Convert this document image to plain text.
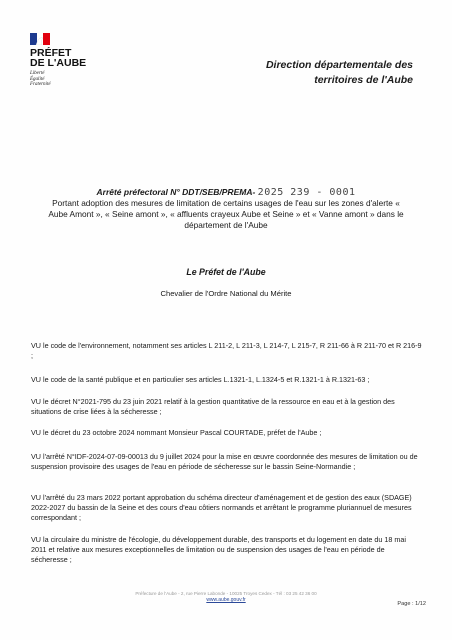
PRÉFET
DE L'AUBE
Liberté
Égalité
Fraternité
Direction départementale des
territoires de l'Aube
Arrêté préfectoral N° DDT/SEB/PREMA- 2025 239 - 0001
Portant adoption des mesures de limitation de certains usages de l'eau sur les zones d'alerte « Aube Amont », « Seine amont », « affluents crayeux Aube et Seine » et « Vanne amont » dans le département de l'Aube
Le Préfet de l'Aube
Chevalier de l'Ordre National du Mérite
VU le code de l'environnement, notamment ses articles L 211-2, L 211-3, L 214-7, L 215-7, R 211-66 à R 211-70 et R 216-9 ;
VU le code de la santé publique et en particulier ses articles L.1321-1, L.1324-5 et R.1321-1 à R.1321-63 ;
VU le décret N°2021-795 du 23 juin 2021 relatif à la gestion quantitative de la ressource en eau et à la gestion des situations de crise liées à la sécheresse ;
VU le décret du 23 octobre 2024 nommant Monsieur Pascal COURTADE, préfet de l'Aube ;
VU l'arrêté N°IDF-2024-07-09-00013 du 9 juillet 2024 pour la mise en œuvre coordonnée des mesures de limitation ou de suspension provisoire des usages de l'eau en période de sécheresse sur le bassin Seine-Normandie ;
VU l'arrêté du 23 mars 2022 portant approbation du schéma directeur d'aménagement et de gestion des eaux (SDAGE) 2022-2027 du bassin de la Seine et des cours d'eau côtiers normands et arrêtant le programme pluriannuel de mesures correspondant ;
VU la circulaire du ministre de l'écologie, du développement durable, des transports et du logement en date du 18 mai 2011 et relative aux mesures exceptionnelles de limitation ou de suspension des usages de l'eau en période de sécheresse ;
Préfecture de l'Aube - 2, rue Pierre Labonde - 10025 Troyes Cedex - Tél : 03 25 42 36 00
www.aube.gouv.fr
Page : 1/12
